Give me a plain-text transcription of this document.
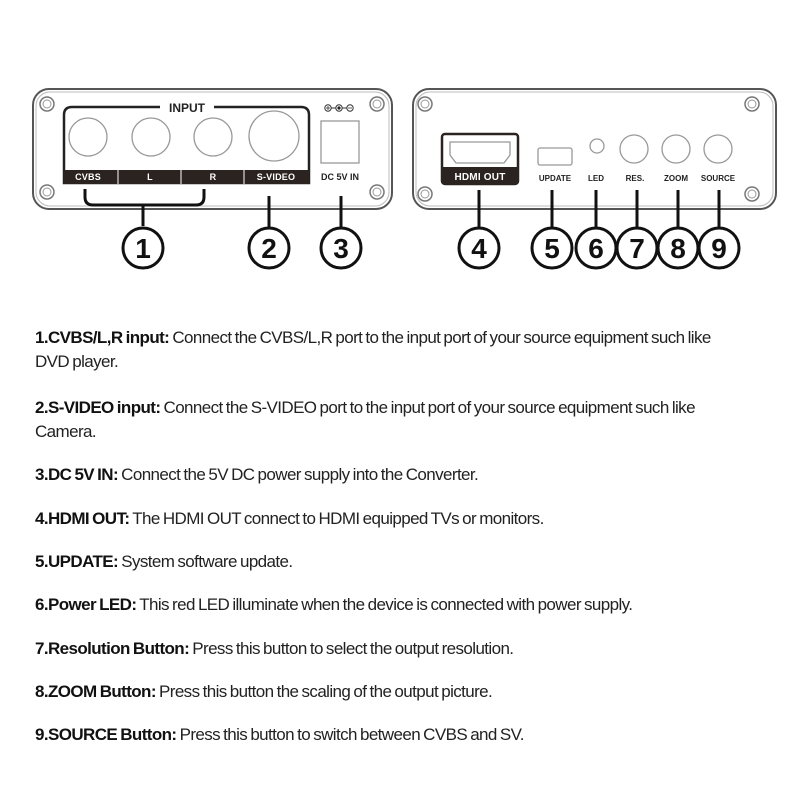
INPUT
CVBS	L	R	S-VIDEO	DC 5V IN	HDMI OUT	UPDATE LED	RES. ZOOM SOURCE
1	2 3	4 5 6 7 8 9
1.CVBS/L,R input: Connect the CVBS/L,R port to the input port of your source equipment such like DVD player.
2.S-VIDEO input: Connect the S-VIDEO port to the input port of your source equipment such like Camera.
3.DC 5V IN: Connect the 5V DC power supply into the Converter.
4.HDMI OUT: The HDMI OUT connect to HDMI equipped TVs or monitors.
5.UPDATE: System software update.
6.Power LED: This red LED illuminate when the device is connected with power supply.
7.Resolution Button: Press this button to select the output resolution.
8.ZOOM Button: Press this button the scaling of the output picture.
9.SOURCE Button: Press this button to switch between CVBS and SV.
